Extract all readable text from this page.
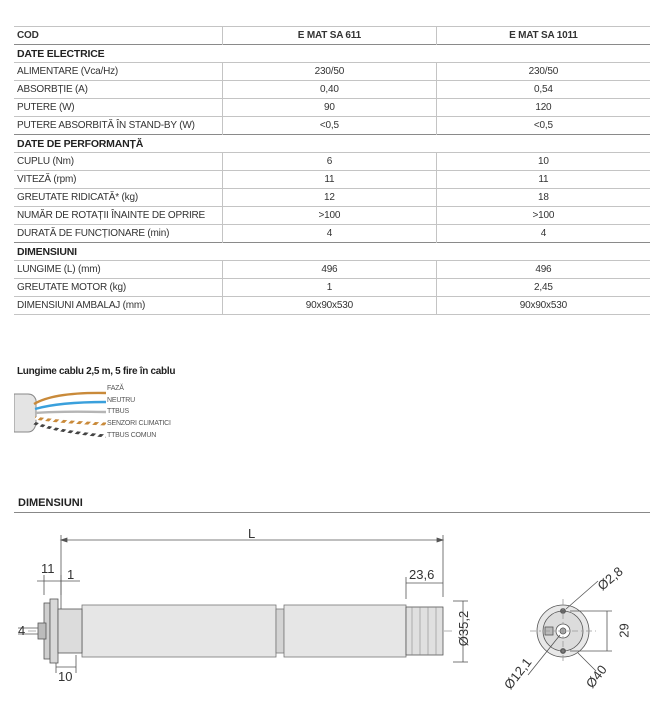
COD	E MAT SA 611	E MAT SA 1011
DATE ELECTRICE		
ALIMENTARE (Vca/Hz)	230/50	230/50
ABSORBȚIE (A)	0,40	0,54
PUTERE (W)	90	120
PUTERE ABSORBITĂ ÎN STAND-BY (W)	<0,5	<0,5
DATE DE PERFORMANȚĂ		
CUPLU (Nm)	6	10
VITEZĂ (rpm)	11	11
GREUTATE RIDICATĂ* (kg)	12	18
NUMĂR DE ROTAȚII ÎNAINTE DE OPRIRE	>100	>100
DURATĂ DE FUNCȚIONARE (min)	4	4
DIMENSIUNI		
LUNGIME (L) (mm)	496	496
GREUTATE MOTOR (kg)	1	2,45
DIMENSIUNI AMBALAJ (mm)	90x90x530	90x90x530
Lungime cablu 2,5 m, 5 fire în cablu
FAZĂ
NEUTRU
TTBUS
SENZORI CLIMATICI
TTBUS COMUN
DIMENSIUNI
L
11 1
4
10
23,6
Ø35,2
Ø2,8
29
Ø12,1	Ø40
